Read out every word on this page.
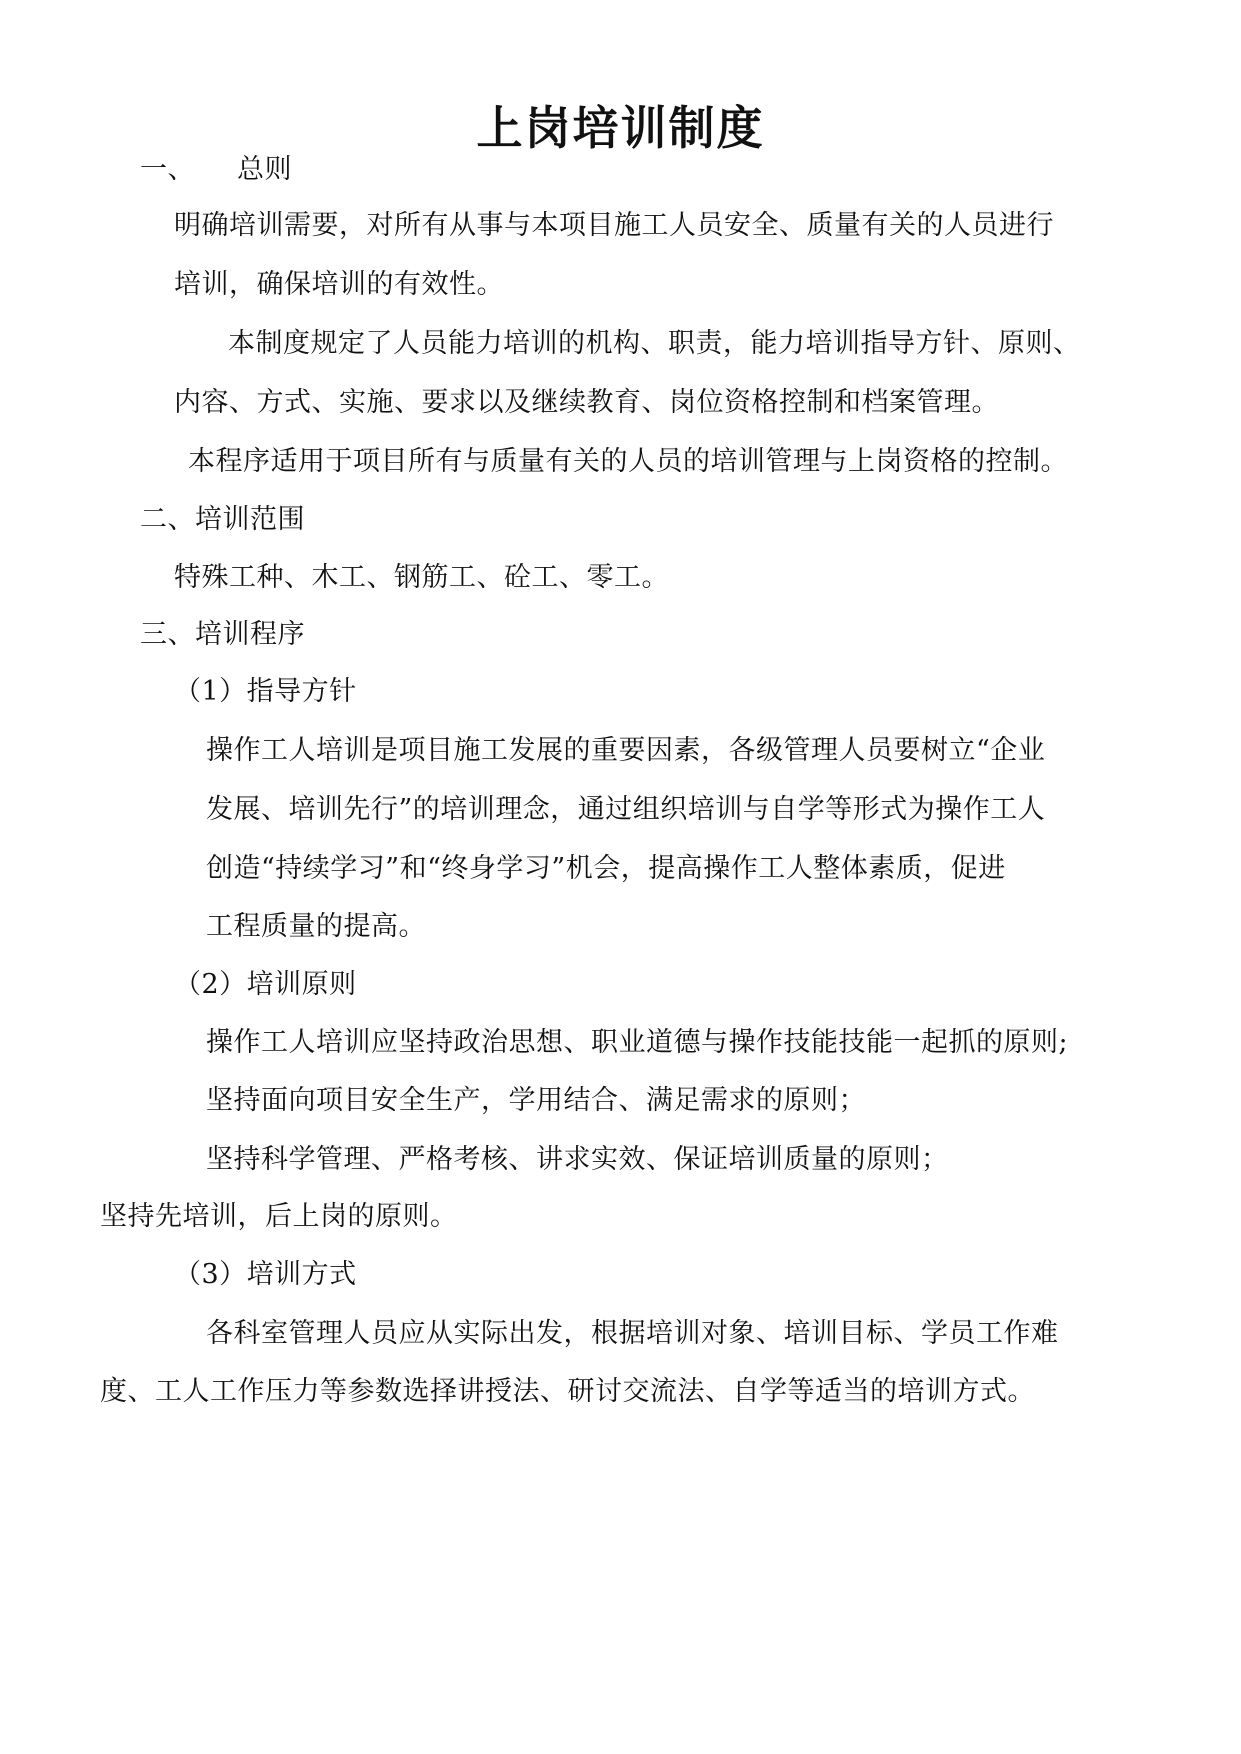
上岗培训制度
一、 总则
明确培训需要，对所有从事与本项目施工人员安全、质量有关的人员进行
培训，确保培训的有效性。
本制度规定了人员能力培训的机构、职责，能力培训指导方针、原则、
内容、方式、实施、要求以及继续教育、岗位资格控制和档案管理。
本程序适用于项目所有与质量有关的人员的培训管理与上岗资格的控制。
二、培训范围
特殊工种、木工、钢筋工、砼工、零工。
三、培训程序
（1）指导方针
操作工人培训是项目施工发展的重要因素，各级管理人员要树立“企业
发展、培训先行”的培训理念，通过组织培训与自学等形式为操作工人
创造“持续学习”和“终身学习”机会，提高操作工人整体素质，促进
工程质量的提高。
（2）培训原则
操作工人培训应坚持政治思想、职业道德与操作技能技能一起抓的原则;
坚持面向项目安全生产，学用结合、满足需求的原则；
坚持科学管理、严格考核、讲求实效、保证培训质量的原则；
坚持先培训，后上岗的原则。
（3）培训方式
各科室管理人员应从实际出发，根据培训对象、培训目标、学员工作难
度、工人工作压力等参数选择讲授法、研讨交流法、自学等适当的培训方式。
